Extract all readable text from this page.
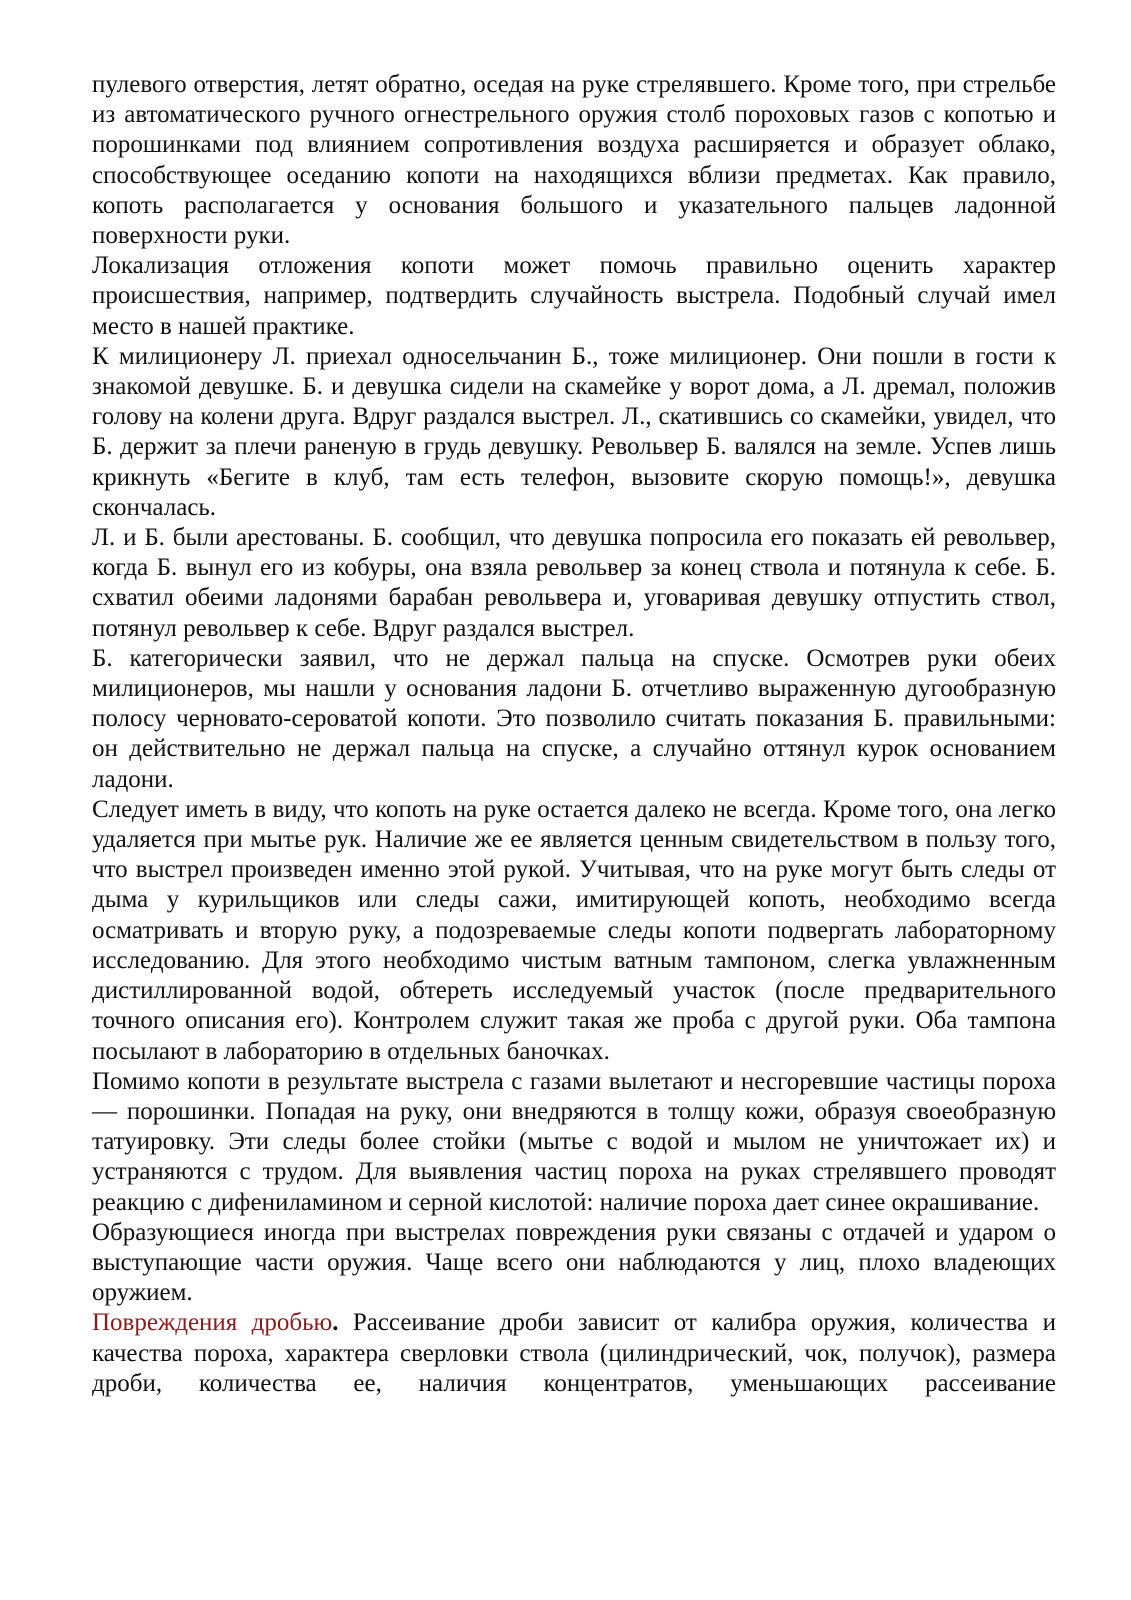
пулевого отверстия, летят обратно, оседая на руке стрелявшего. Кроме того, при стрельбе из автоматического ручного огнестрельного оружия столб пороховых газов с копотью и порошинками под влиянием сопротивления воздуха расширяется и образует облако, способствующее оседанию копоти на находящихся вблизи предметах. Как правило, копоть располагается у основания большого и указательного пальцев ладонной поверхности руки.

Локализация отложения копоти может помочь правильно оценить характер происшествия, например, подтвердить случайность выстрела. Подобный случай имел место в нашей практике.

К милиционеру Л. приехал односельчанин Б., тоже милиционер. Они пошли в гости к знакомой девушке. Б. и девушка сидели на скамейке у ворот дома, а Л. дремал, положив голову на колени друга. Вдруг раздался выстрел. Л., скатившись со скамейки, увидел, что Б. держит за плечи раненую в грудь девушку. Револьвер Б. валялся на земле. Успев лишь крикнуть «Бегите в клуб, там есть телефон, вызовите скорую помощь!», девушка скончалась.

Л. и Б. были арестованы. Б. сообщил, что девушка попросила его показать ей револьвер, когда Б. вынул его из кобуры, она взяла револьвер за конец ствола и потянула к себе. Б. схватил обеими ладонями барабан револьвера и, уговаривая девушку отпустить ствол, потянул револьвер к себе. Вдруг раздался выстрел.

Б. категорически заявил, что не держал пальца на спуске. Осмотрев руки обеих милиционеров, мы нашли у основания ладони Б. отчетливо выраженную дугообразную полосу черновато-сероватой копоти. Это позволило считать показания Б. правильными: он действительно не держал пальца на спуске, а случайно оттянул курок основанием ладони.

Следует иметь в виду, что копоть на руке остается далеко не всегда. Кроме того, она легко удаляется при мытье рук. Наличие же ее является ценным свидетельством в пользу того, что выстрел произведен именно этой рукой. Учитывая, что на руке могут быть следы от дыма у курильщиков или следы сажи, имитирующей копоть, необходимо всегда осматривать и вторую руку, а подозреваемые следы копоти подвергать лабораторному исследованию. Для этого необходимо чистым ватным тампоном, слегка увлажненным дистиллированной водой, обтереть исследуемый участок (после предварительного точного описания его). Контролем служит такая же проба с другой руки. Оба тампона посылают в лабораторию в отдельных баночках.

Помимо копоти в результате выстрела с газами вылетают и несгоревшие частицы пороха — порошинки. Попадая на руку, они внедряются в толщу кожи, образуя своеобразную татуировку. Эти следы более стойки (мытье с водой и мылом не уничтожает их) и устраняются с трудом. Для выявления частиц пороха на руках стрелявшего проводят реакцию с дифениламином и серной кислотой: наличие пороха дает синее окрашивание.

Образующиеся иногда при выстрелах повреждения руки связаны с отдачей и ударом о выступающие части оружия. Чаще всего они наблюдаются у лиц, плохо владеющих оружием.

Повреждения дробью. Рассеивание дроби зависит от калибра оружия, количества и качества пороха, характера сверловки ствола (цилиндрический, чок, получок), размера дроби, количества ее, наличия концентратов, уменьшающих рассеивание
